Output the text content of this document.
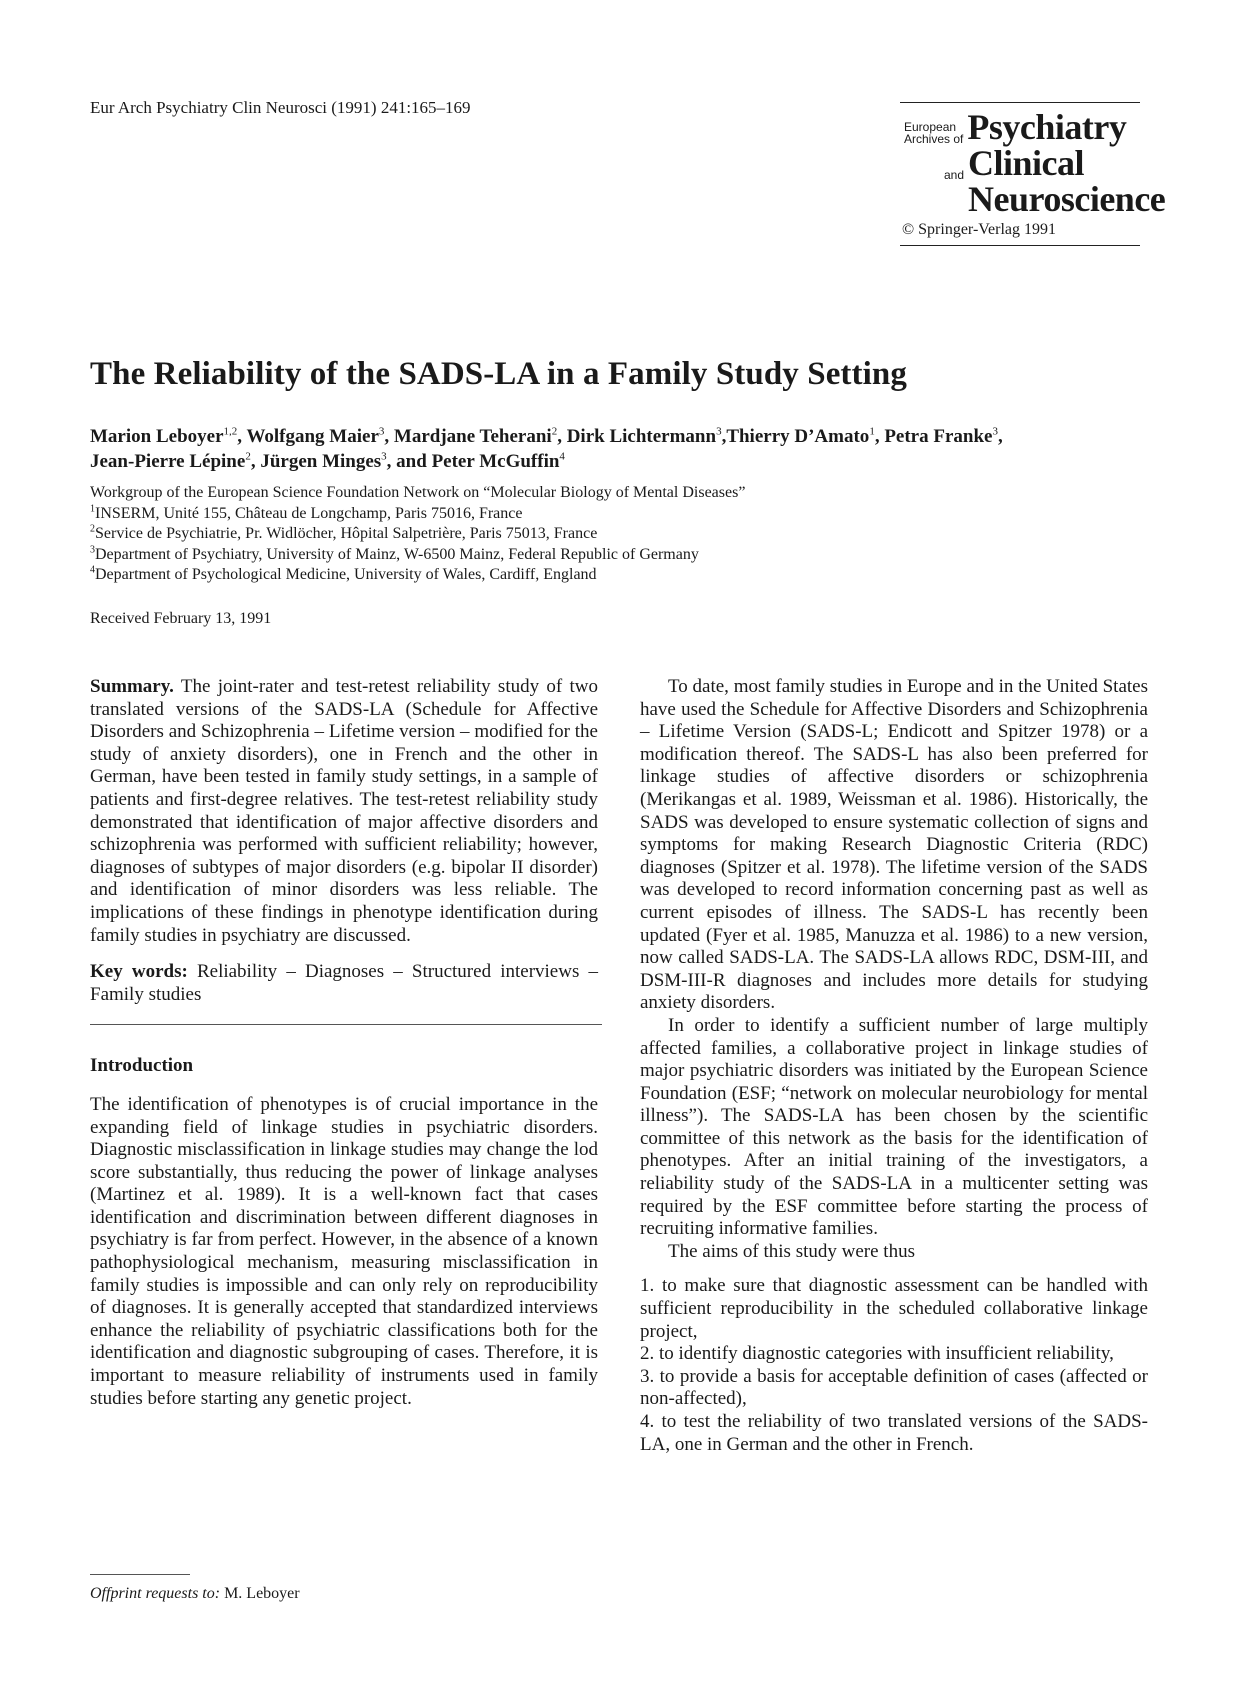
Eur Arch Psychiatry Clin Neurosci (1991) 241:165–169
European
Archives of Psychiatry
and Clinical
Neuroscience
© Springer-Verlag 1991
The Reliability of the SADS-LA in a Family Study Setting
Marion Leboyer$^{1,2}$, Wolfgang Maier$^3$, Mardjane Teherani$^2$, Dirk Lichtermann$^3$,Thierry D’Amato$^1$, Petra Franke$^3$,
Jean-Pierre Lépine$^2$, Jürgen Minges$^3$, and Peter McGuffin$^4$
Workgroup of the European Science Foundation Network on “Molecular Biology of Mental Diseases”
$^1$INSERM, Unité 155, Château de Longchamp, Paris 75016, France
$^2$Service de Psychiatrie, Pr. Widlöcher, Hôpital Salpetrière, Paris 75013, France
$^3$Department of Psychiatry, University of Mainz, W-6500 Mainz, Federal Republic of Germany
$^4$Department of Psychological Medicine, University of Wales, Cardiff, England
Received February 13, 1991

Summary. The joint-rater and test-retest reliability study of two translated versions of the SADS-LA (Schedule for Affective Disorders and Schizophrenia – Lifetime version – modified for the study of anxiety disorders), one in French and the other in German, have been tested in family study settings, in a sample of patients and first-degree relatives. The test-retest reliability study demonstrated that identification of major affective disorders and schizophrenia was performed with sufficient reliability; however, diagnoses of subtypes of major disorders (e.g. bipolar II disorder) and identification of minor disorders was less reliable. The implications of these findings in phenotype identification during family studies in psychiatry are discussed.

Key words: Reliability – Diagnoses – Structured interviews – Family studies

Introduction

The identification of phenotypes is of crucial importance in the expanding field of linkage studies in psychiatric disorders. Diagnostic misclassification in linkage studies may change the lod score substantially, thus reducing the power of linkage analyses (Martinez et al. 1989). It is a well-known fact that cases identification and discrimination between different diagnoses in psychiatry is far from perfect. However, in the absence of a known pathophysiological mechanism, measuring misclassification in family studies is impossible and can only rely on reproducibility of diagnoses. It is generally accepted that standardized interviews enhance the reliability of psychiatric classifications both for the identification and diagnostic subgrouping of cases. Therefore, it is important to measure reliability of instruments used in family studies before starting any genetic project.

To date, most family studies in Europe and in the United States have used the Schedule for Affective Disorders and Schizophrenia – Lifetime Version (SADS-L; Endicott and Spitzer 1978) or a modification thereof. The SADS-L has also been preferred for linkage studies of affective disorders or schizophrenia (Merikangas et al. 1989, Weissman et al. 1986). Historically, the SADS was developed to ensure systematic collection of signs and symptoms for making Research Diagnostic Criteria (RDC) diagnoses (Spitzer et al. 1978). The lifetime version of the SADS was developed to record information concerning past as well as current episodes of illness. The SADS-L has recently been updated (Fyer et al. 1985, Manuzza et al. 1986) to a new version, now called SADS-LA. The SADS-LA allows RDC, DSM-III, and DSM-III-R diagnoses and includes more details for studying anxiety disorders.

In order to identify a sufficient number of large multiply affected families, a collaborative project in linkage studies of major psychiatric disorders was initiated by the European Science Foundation (ESF; “network on molecular neurobiology for mental illness”). The SADS-LA has been chosen by the scientific committee of this network as the basis for the identification of phenotypes. After an initial training of the investigators, a reliability study of the SADS-LA in a multicenter setting was required by the ESF committee before starting the process of recruiting informative families.

The aims of this study were thus

1. to make sure that diagnostic assessment can be handled with sufficient reproducibility in the scheduled collaborative linkage project,
2. to identify diagnostic categories with insufficient reliability,
3. to provide a basis for acceptable definition of cases (affected or non-affected),
4. to test the reliability of two translated versions of the SADS-LA, one in German and the other in French.
Offprint requests to: M. Leboyer
